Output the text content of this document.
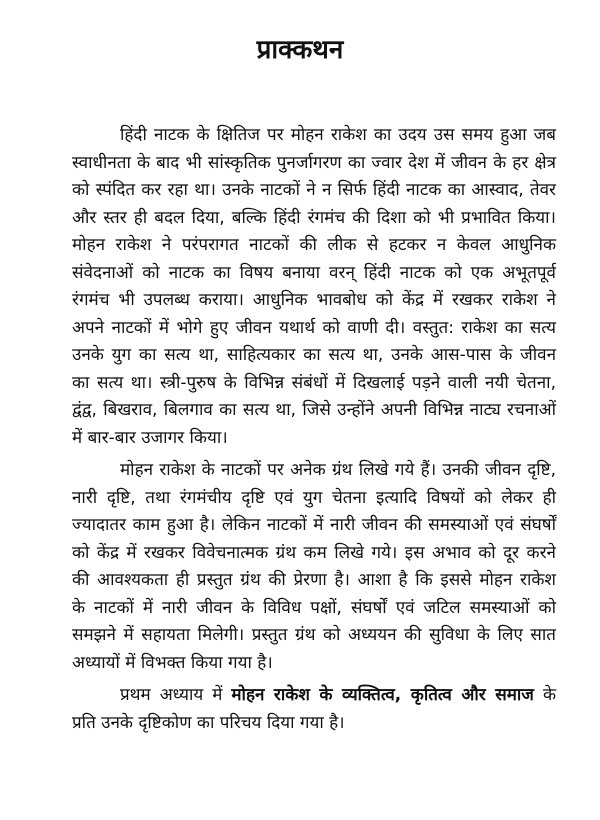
प्राक्कथन
हिंदी नाटक के क्षितिज पर मोहन राकेश का उदय उस समय हुआ जब
स्वाधीनता के बाद भी सांस्कृतिक पुनर्जागरण का ज्वार देश में जीवन के हर क्षेत्र
को स्पंदित कर रहा था। उनके नाटकों ने न सिर्फ हिंदी नाटक का आस्वाद, तेवर
और स्तर ही बदल दिया, बल्कि हिंदी रंगमंच की दिशा को भी प्रभावित किया।
मोहन राकेश ने परंपरागत नाटकों की लीक से हटकर न केवल आधुनिक
संवेदनाओं को नाटक का विषय बनाया वरन् हिंदी नाटक को एक अभूतपूर्व
रंगमंच भी उपलब्ध कराया। आधुनिक भावबोध को केंद्र में रखकर राकेश ने
अपने नाटकों में भोगे हुए जीवन यथार्थ को वाणी दी। वस्तुत: राकेश का सत्य
उनके युग का सत्य था, साहित्यकार का सत्य था, उनके आस-पास के जीवन
का सत्य था। स्त्री-पुरुष के विभिन्न संबंधों में दिखलाई पड़ने वाली नयी चेतना,
द्वंद्व, बिखराव, बिलगाव का सत्य था, जिसे उन्होंने अपनी विभिन्न नाट्य रचनाओं
में बार-बार उजागर किया।
मोहन राकेश के नाटकों पर अनेक ग्रंथ लिखे गये हैं। उनकी जीवन दृष्टि,
नारी दृष्टि, तथा रंगमंचीय दृष्टि एवं युग चेतना इत्यादि विषयों को लेकर ही
ज्यादातर काम हुआ है। लेकिन नाटकों में नारी जीवन की समस्याओं एवं संघर्षों
को केंद्र में रखकर विवेचनात्मक ग्रंथ कम लिखे गये। इस अभाव को दूर करने
की आवश्यकता ही प्रस्तुत ग्रंथ की प्रेरणा है। आशा है कि इससे मोहन राकेश
के नाटकों में नारी जीवन के विविध पक्षों, संघर्षों एवं जटिल समस्याओं को
समझने में सहायता मिलेगी। प्रस्तुत ग्रंथ को अध्ययन की सुविधा के लिए सात
अध्यायों में विभक्त किया गया है।
प्रथम अध्याय में मोहन राकेश के व्यक्तित्व, कृतित्व और समाज के
प्रति उनके दृष्टिकोण का परिचय दिया गया है।
